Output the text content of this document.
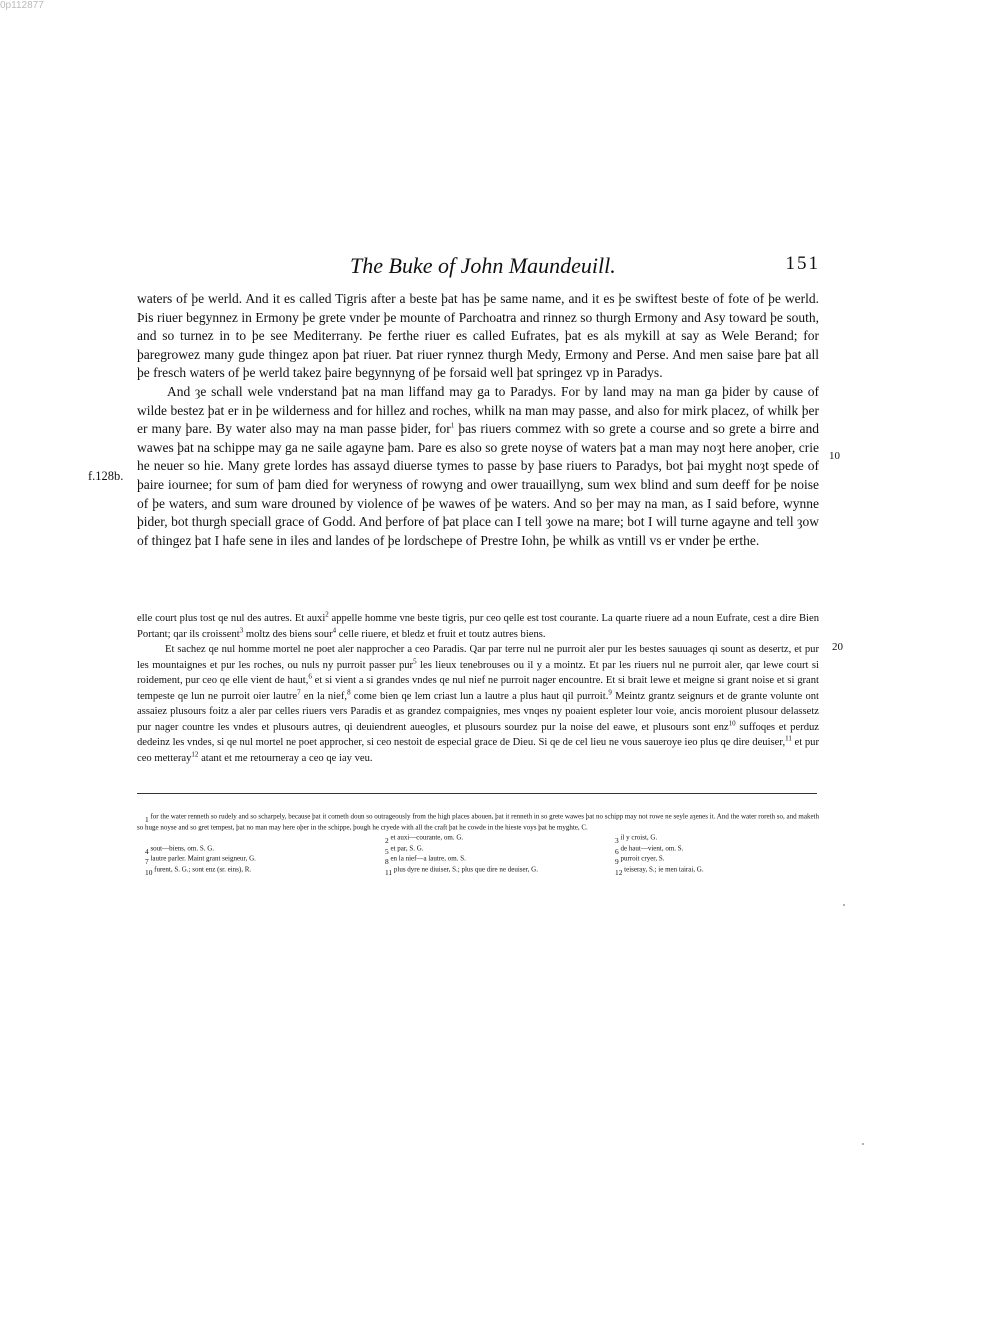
0p112877
The Buke of John Maundeuill.	151

waters of þe werld. And it es called Tigris after a beste þat has þe same name, and it es þe swiftest beste of fote of þe werld. Þis riuer begynnez in Ermony þe grete vnder þe mounte of Parchoatra and rinnez so thurgh Ermony and Asy toward þe south, and so turnez in to þe see Mediterrany. Þe ferthe riuer es called Eufrates, þat es als mykill at say as Wele Berand; for þaregrowez many gude thingez apon þat riuer. Þat riuer rynnez thurgh Medy, Ermony and Perse. And men saise þare þat all þe fresch waters of þe werld takez þaire begynnyng of þe forsaid well þat springez vp in Paradys.

And ȝe schall wele vnderstand þat na man liffand may ga to Paradys. For by land may na man ga þider by cause of wilde bestez þat er in þe wilderness and for hillez and roches, whilk na man may passe, and also for mirk placez, of whilk þer er many þare. By water also may na man passe þider, for$^1$ þas riuers commez with so grete a course and so grete a birre and wawes þat na schippe may ga ne saile agayne þam. Þare es also so grete noyse of waters þat a man may noȝt here anoþer, crie he neuer so hie. Many grete lordes has assayd diuerse tymes to passe by þase riuers to Paradys, bot þai myght noȝt spede of þaire iournee; for sum of þam died for weryness of rowyng and ower trauaillyng, sum wex blind and sum deeff for þe noise of þe waters, and sum ware drouned by violence of þe wawes of þe waters. And so þer may na man, as I said before, wynne þider, bot thurgh speciall grace of Godd. And þerfore of þat place can I tell ȝowe na mare; bot I will turne agayne and tell ȝow of thingez þat I hafe sene in iles and landes of þe lordschepe of Prestre Iohn, þe whilk as vntill vs er vnder þe erthe.

10
f.128b.

elle court plus tost qe nul des autres. Et auxi$^2$ appelle homme vne beste tigris, pur ceo qelle est tost courante. La quarte riuere ad a noun Eufrate, cest a dire Bien Portant; qar ils croissent$^3$ moltz des biens sour$^4$ celle riuere, et bledz et fruit et toutz autres biens.

Et sachez qe nul homme mortel ne poet aler napprocher a ceo Paradis. Qar par terre nul ne purroit aler pur les bestes sauuages qi sount as desertz, et pur les mountaignes et pur les roches, ou nuls ny purroit passer pur$^5$ les lieux tenebrouses ou il y a mointz. Et par les riuers nul ne purroit aler, qar lewe court si roidement, pur ceo qe elle vient de haut,$^6$ et si vient a si grandes vndes qe nul nief ne purroit nager encountre. Et si brait lewe et meigne si grant noise et si grant tempeste qe lun ne purroit oier lautre$^7$ en la nief,$^8$ come bien qe lem criast lun a lautre a plus haut qil purroit.$^9$ Meintz grantz seignurs et de grante volunte ont assaiez plusours foitz a aler par celles riuers vers Paradis et as grandez compaignies, mes vnqes ny poaient espleter lour voie, ancis moroient plusour delassetz pur nager countre les vndes et plusours autres, qi deuiendrent aueogles, et plusours sourdez pur la noise del eawe, et plusours sont enz$^{10}$ suffoqes et perduz dedeinz les vndes, si qe nul mortel ne poet approcher, si ceo nestoit de especial grace de Dieu. Si qe de cel lieu ne vous saueroye ieo plus qe dire deuiser,$^{11}$ et pur ceo metteray$^{12}$ atant et me retourneray a ceo qe iay veu.

20

1 for the water renneth so rudely and so scharpely, because þat it cometh doun so outrageously from the high places abouen, þat it renneth in so grete wawes þat no schipp may not rowe ne seyle aȝenes it. And the water roreth so, and maketh so huge noyse and so gret tempest, þat no man may here oþer in the schippe, þough he cryede with all the craft þat he cowde in the hieste voys þat he myghte, C.

2 $^{et auxi—courante, om. G.}$	3 $^{il y croist, G.}$
4 $^{sout—biens, om. S. G.}$	5 $^{et par, S. G.}$	6 $^{de haut—vient, om. S.}$
7 $^{lautre parler. Maint grant seigneur, G.}$	8 $^{en la nief—a lautre, om. S.}$	9 $^{purroit cryer, S.}$
10 $^{furent, S. G.; sont enz (sr. eins), R.}$	11 $^{plus dyre ne diuiser, S.; plus que dire ne deuiser, G.}$	12 $^{teiseray, S.; ie men tairai, G.}$
